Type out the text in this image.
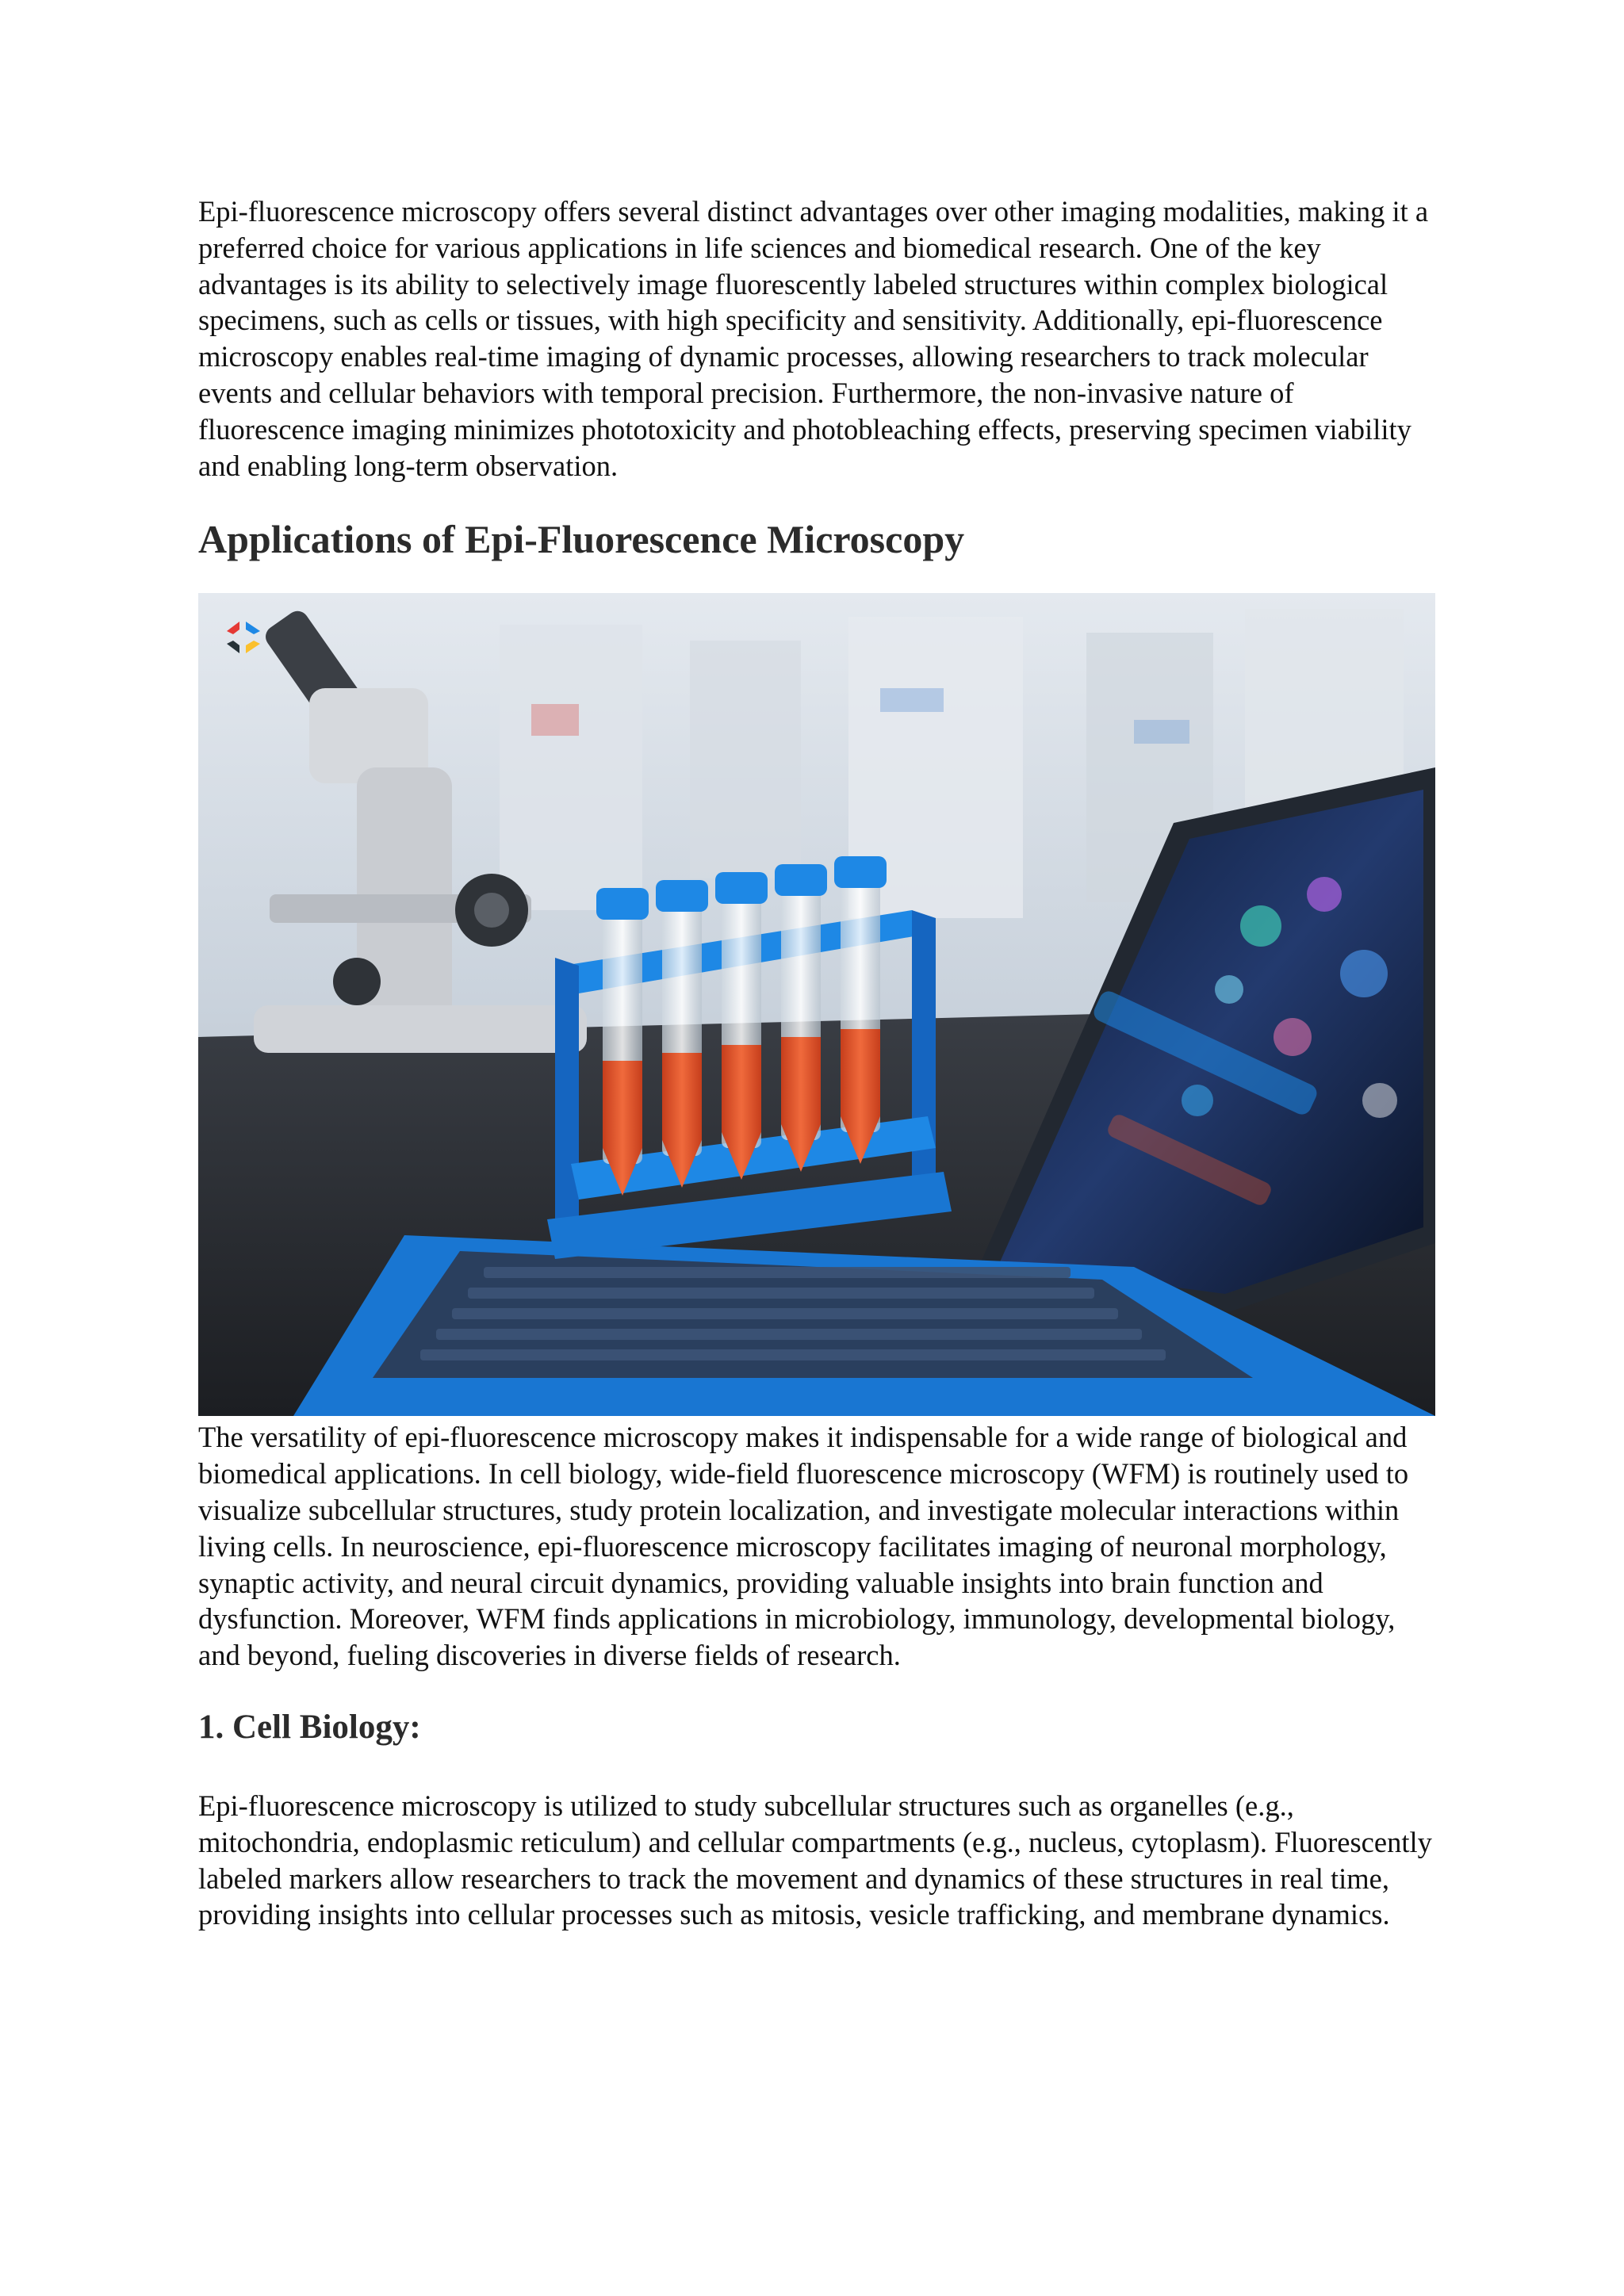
Epi-fluorescence microscopy offers several distinct advantages over other imaging modalities, making it a preferred choice for various applications in life sciences and biomedical research. One of the key advantages is its ability to selectively image fluorescently labeled structures within complex biological specimens, such as cells or tissues, with high specificity and sensitivity. Additionally, epi-fluorescence microscopy enables real-time imaging of dynamic processes, allowing researchers to track molecular events and cellular behaviors with temporal precision. Furthermore, the non-invasive nature of fluorescence imaging minimizes phototoxicity and photobleaching effects, preserving specimen viability and enabling long-term observation.

Applications of Epi-Fluorescence Microscopy

The versatility of epi-fluorescence microscopy makes it indispensable for a wide range of biological and biomedical applications. In cell biology, wide-field fluorescence microscopy (WFM) is routinely used to visualize subcellular structures, study protein localization, and investigate molecular interactions within living cells. In neuroscience, epi-fluorescence microscopy facilitates imaging of neuronal morphology, synaptic activity, and neural circuit dynamics, providing valuable insights into brain function and dysfunction. Moreover, WFM finds applications in microbiology, immunology, developmental biology, and beyond, fueling discoveries in diverse fields of research.

1. Cell Biology:

Epi-fluorescence microscopy is utilized to study subcellular structures such as organelles (e.g., mitochondria, endoplasmic reticulum) and cellular compartments (e.g., nucleus, cytoplasm). Fluorescently labeled markers allow researchers to track the movement and dynamics of these structures in real time, providing insights into cellular processes such as mitosis, vesicle trafficking, and membrane dynamics.
